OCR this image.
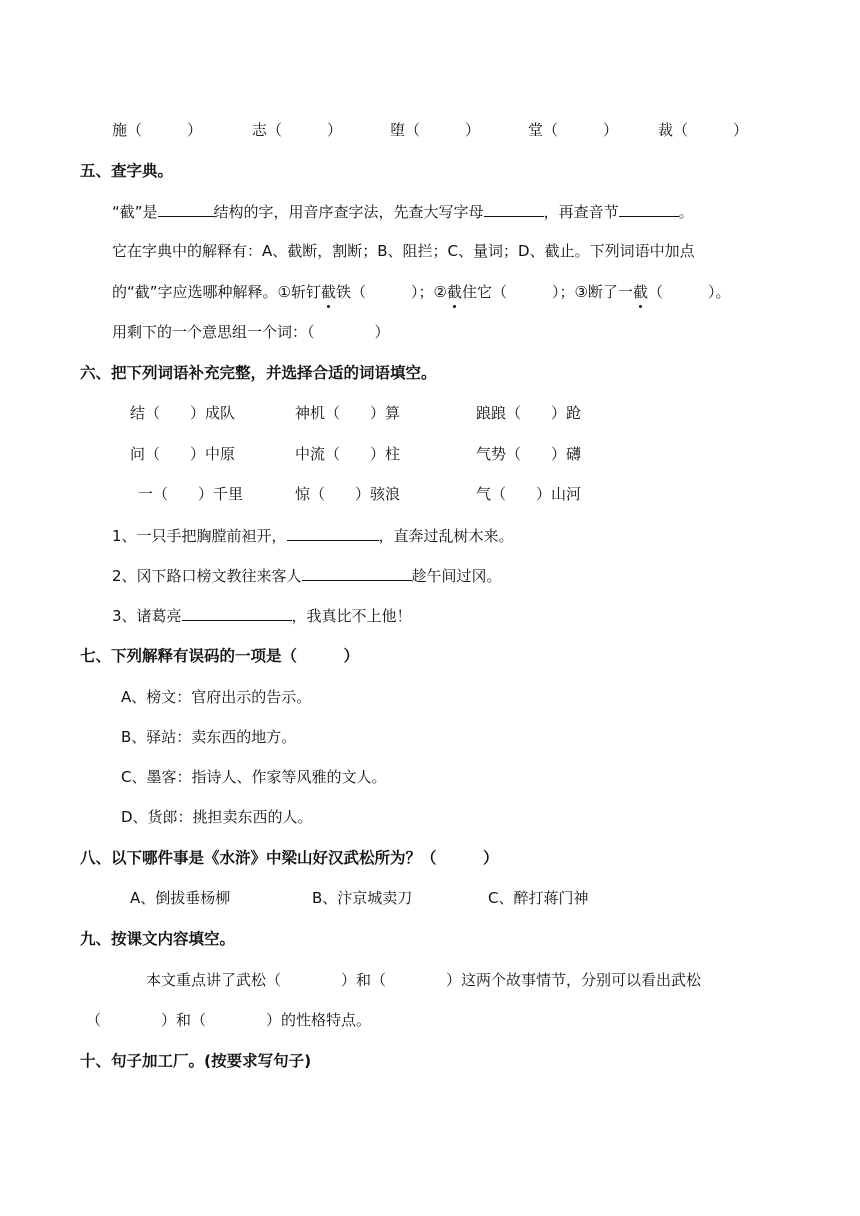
施（　　　）	志（　　　）	堕（　　　）	堂（　　　）	裁（　　　）
五、查字典。
“截”是	结构的字，用音序查字法，先查大写字母	，再查音节	。
它在字典中的解释有：A、截断，割断；B、阻拦；C、量词；D、截止。下列词语中加点
的“截”字应选哪种解释。①斩钉截铁（　　　）；②截住它（　　　）；③断了一截（　　　）。
用剩下的一个意思组一个词：（　　　　）
六、把下列词语补充完整，并选择合适的词语填空。
结（　　）成队	神机（　　）算	踉踉（　　）跄
问（　　）中原	中流（　　）柱	气势（　　）礴
一（　　）千里	惊（　　）骇浪	气（　　）山河
1、一只手把胸膛前袒开，	，直奔过乱树木来。
2、冈下路口榜文教往来客人	趁午间过冈。
3、诸葛亮	，我真比不上他！
七、下列解释有误码的一项是（　　　）
A、榜文：官府出示的告示。
B、驿站：卖东西的地方。
C、墨客：指诗人、作家等风雅的文人。
D、货郎：挑担卖东西的人。
八、以下哪件事是《水浒》中梁山好汉武松所为？（　　　）
A、倒拔垂杨柳	B、汴京城卖刀	C、醉打蒋门神
九、按课文内容填空。
本文重点讲了武松（　　　　）和（　　　　）这两个故事情节，分别可以看出武松
（　　　　）和（　　　　）的性格特点。
十、句子加工厂。(按要求写句子)
